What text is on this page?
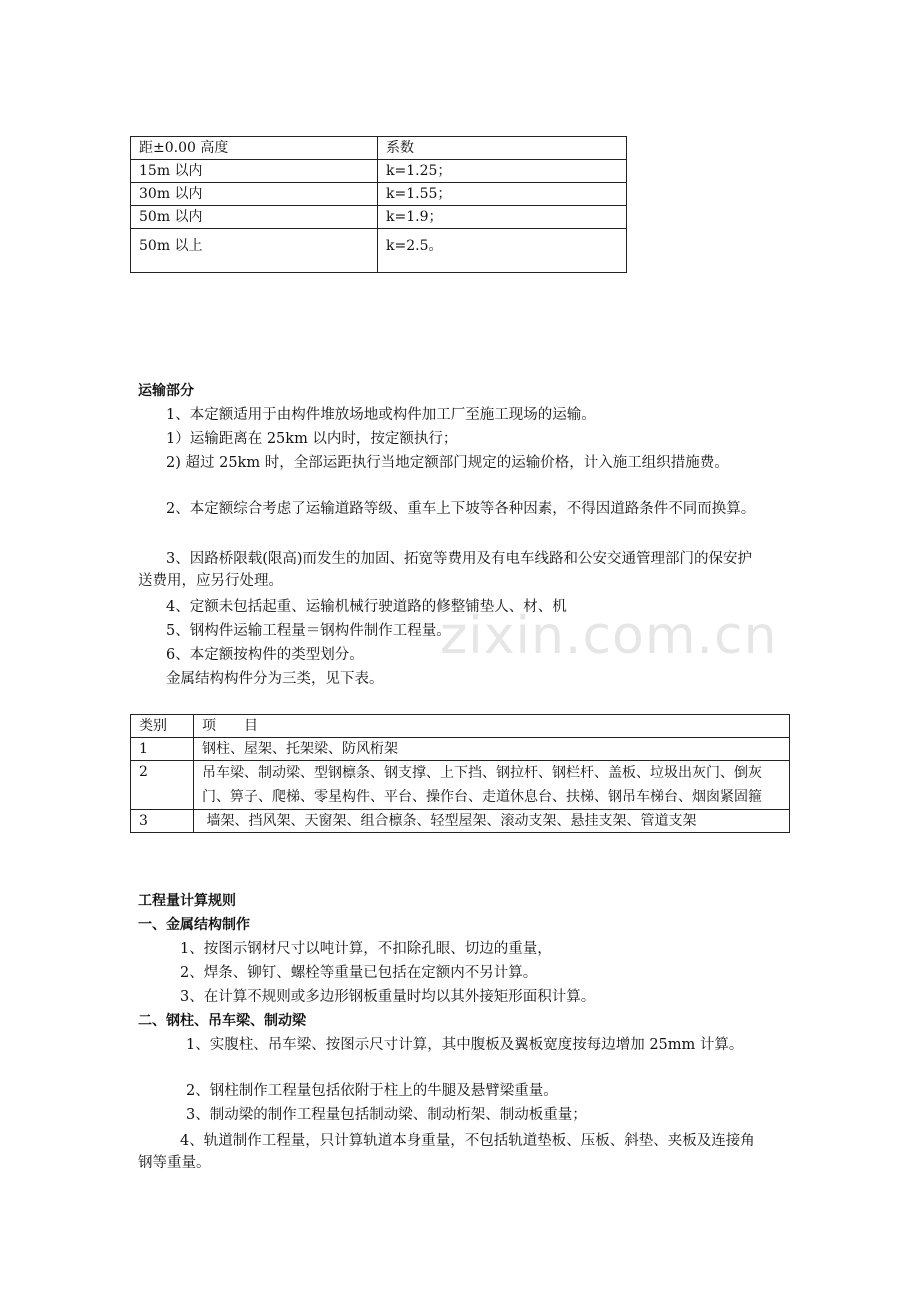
距±0.00 高度	系数
15m 以内	k=1.25；
30m 以内	k=1.55；
50m 以内	k=1.9；
50m 以上	k=2.5。
运输部分
1、本定额适用于由构件堆放场地或构件加工厂至施工现场的运输。
1）运输距离在 25km 以内时，按定额执行；
2) 超过 25km 时，全部运距执行当地定额部门规定的运输价格，计入施工组织措施费。
2、本定额综合考虑了运输道路等级、重车上下坡等各种因素，不得因道路条件不同而换算。
3、因路桥限载(限高)而发生的加固、拓宽等费用及有电车线路和公安交通管理部门的保安护送费用，应另行处理。
4、定额未包括起重、运输机械行驶道路的修整铺垫人、材、机
5、钢构件运输工程量＝钢构件制作工程量。
6、本定额按构件的类型划分。
金属结构构件分为三类，见下表。
zixin.com.cn
类别	项　　目
1	钢柱、屋架、托架梁、防风桁架
2	吊车梁、制动梁、型钢檩条、钢支撑、上下挡、钢拉杆、钢栏杆、盖板、垃圾出灰门、倒灰门、箅子、爬梯、零星构件、平台、操作台、走道休息台、扶梯、钢吊车梯台、烟囱紧固箍
3	墙架、挡风架、天窗架、组合檩条、轻型屋架、滚动支架、悬挂支架、管道支架
工程量计算规则
一、金属结构制作
1、按图示钢材尺寸以吨计算，不扣除孔眼、切边的重量，
2、焊条、铆钉、螺栓等重量已包括在定额内不另计算。
3、在计算不规则或多边形钢板重量时均以其外接矩形面积计算。
二、钢柱、吊车梁、制动梁
1、实腹柱、吊车梁、按图示尺寸计算，其中腹板及翼板宽度按每边增加 25mm 计算。
2、钢柱制作工程量包括依附于柱上的牛腿及悬臂梁重量。
3、制动梁的制作工程量包括制动梁、制动桁架、制动板重量；
4、轨道制作工程量，只计算轨道本身重量，不包括轨道垫板、压板、斜垫、夹板及连接角钢等重量。
